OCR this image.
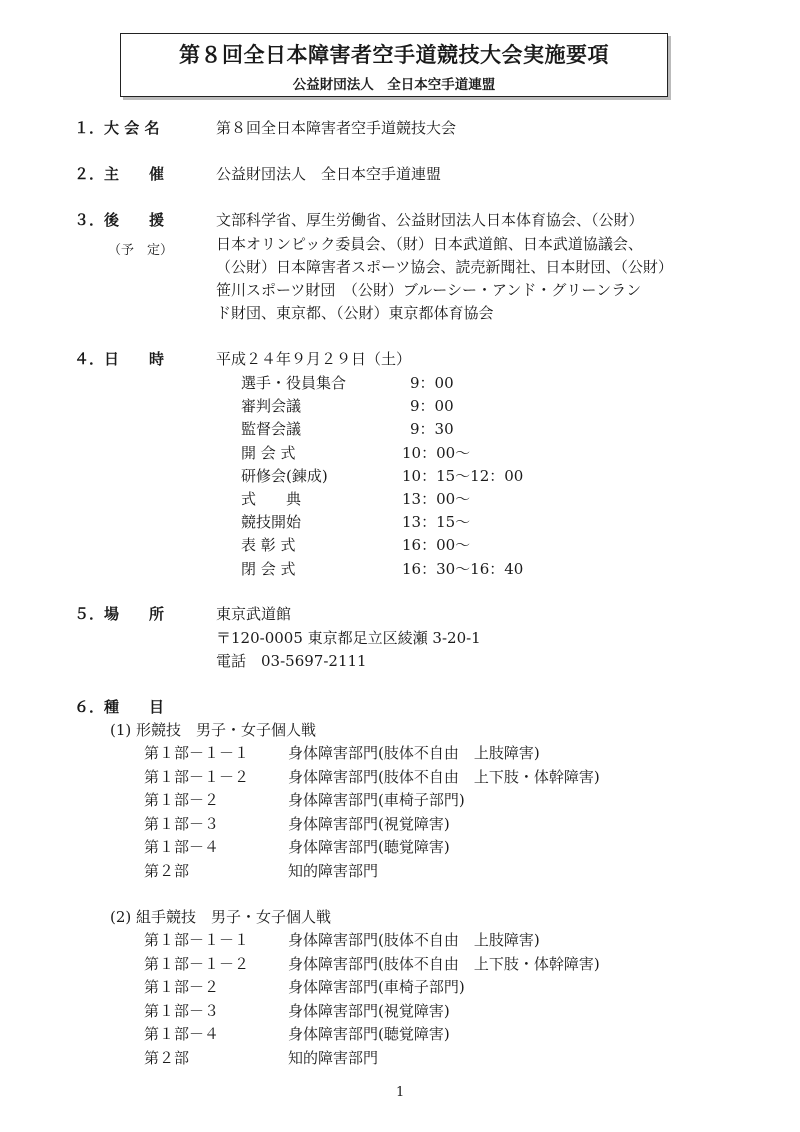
第８回全日本障害者空手道競技大会実施要項
公益財団法人　全日本空手道連盟
１．大 会 名	第８回全日本障害者空手道競技大会
２．主　　催	公益財団法人　全日本空手道連盟
３．後　　援
（予　定）
文部科学省、厚生労働省、公益財団法人日本体育協会、（公財）
日本オリンピック委員会、（財）日本武道館、日本武道協議会、
（公財）日本障害者スポーツ協会、読売新聞社、日本財団、（公財）
笹川スポーツ財団　（公財）ブルーシー・アンド・グリーンラン
ド財団、東京都、（公財）東京都体育協会
４．日　　時	平成２４年９月２９日（土）
選手・役員集合	9：00
審判会議	9：00
監督会議	9：30
開 会 式	10：00～
研修会(錬成)	10：15～12：00
式　　典	13：00～
競技開始	13：15～
表 彰 式	16：00～
閉 会 式	16：30～16：40
５．場　　所	東京武道館
〒120-0005 東京都足立区綾瀬 3-20-1
電話　03-5697-2111
６．種　　目
(1) 形競技　男子・女子個人戦
第１部－１－１	身体障害部門(肢体不自由　上肢障害)
第１部－１－２	身体障害部門(肢体不自由　上下肢・体幹障害)
第１部－２	身体障害部門(車椅子部門)
第１部－３	身体障害部門(視覚障害)
第１部－４	身体障害部門(聴覚障害)
第２部	知的障害部門
(2) 組手競技　男子・女子個人戦
第１部－１－１	身体障害部門(肢体不自由　上肢障害)
第１部－１－２	身体障害部門(肢体不自由　上下肢・体幹障害)
第１部－２	身体障害部門(車椅子部門)
第１部－３	身体障害部門(視覚障害)
第１部－４	身体障害部門(聴覚障害)
第２部	知的障害部門
1
